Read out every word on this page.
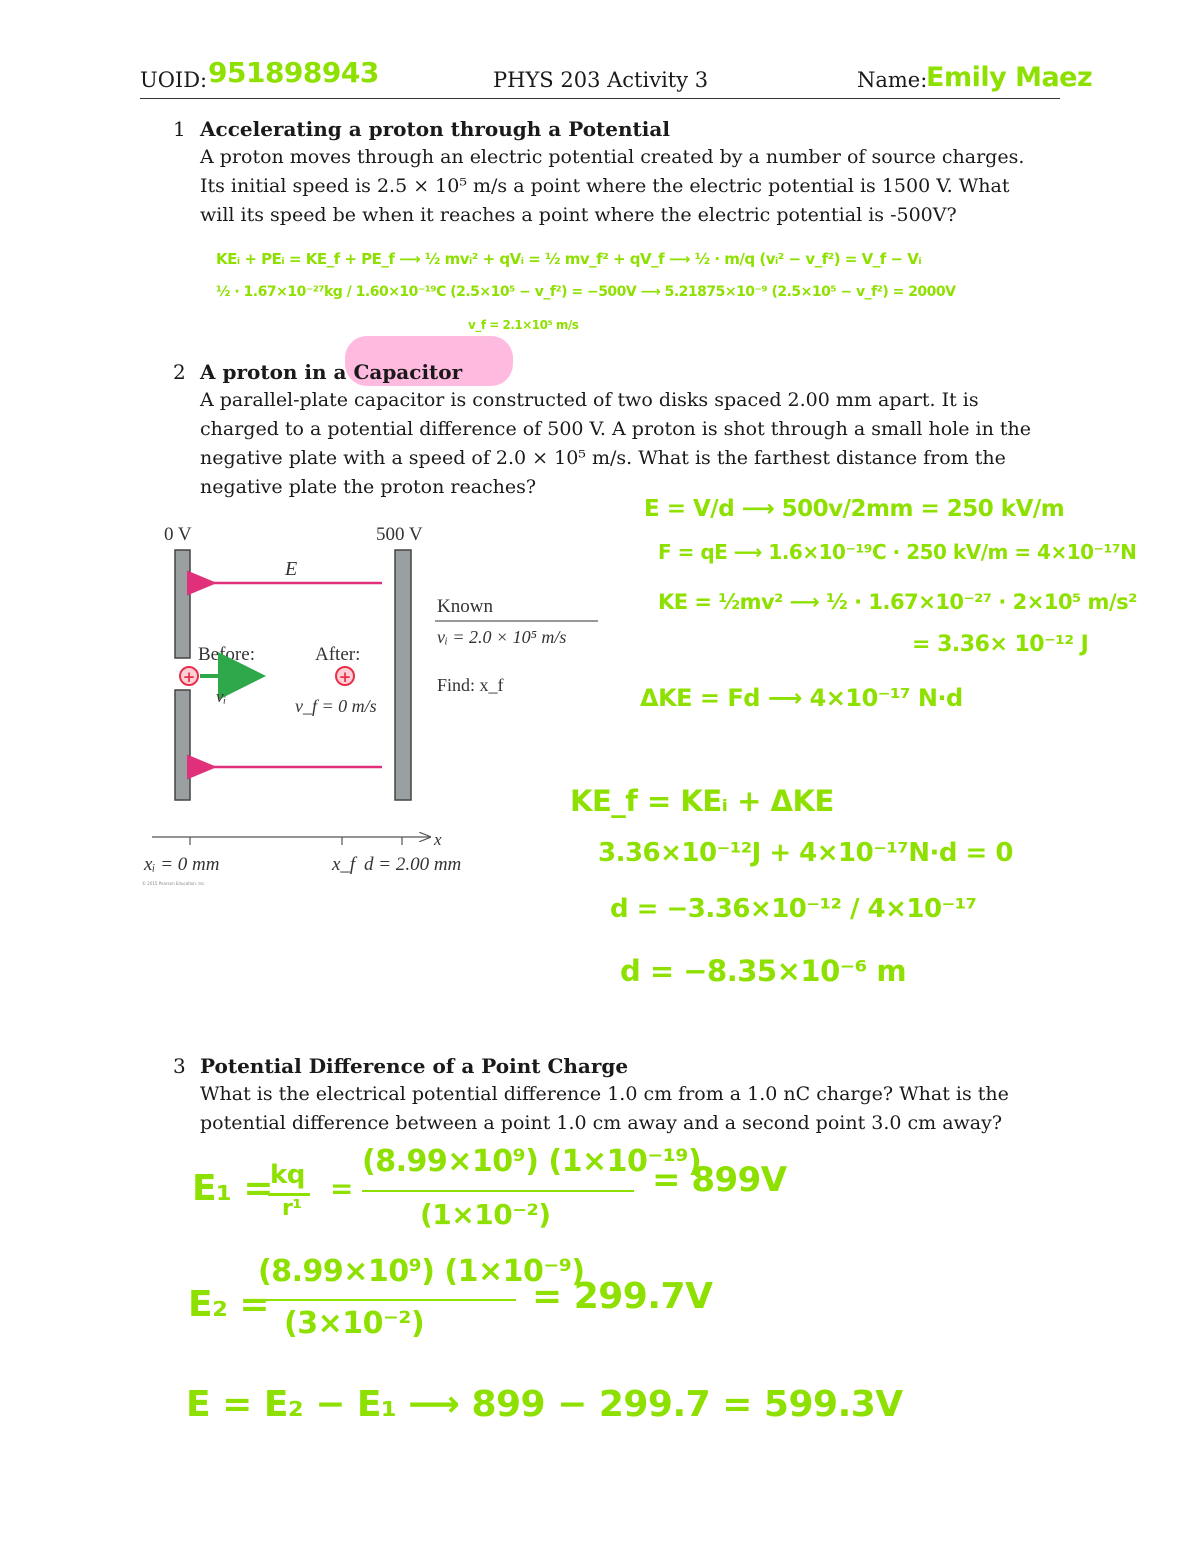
UOID: 951898943	PHYS 203 Activity 3	Name:
Emily Maez
1 Accelerating a proton through a Potential
A proton moves through an electric potential created by a number of source charges.
Its initial speed is 2.5 × 10⁵ m/s a point where the electric potential is 1500 V. What
will its speed be when it reaches a point where the electric potential is -500V?
KEᵢ + PEᵢ = KE_f + PE_f ⟶ ½ mvᵢ² + qVᵢ = ½ mv_f² + qV_f ⟶ ½ · m/q (vᵢ² − v_f²) = V_f − Vᵢ
½ · 1.67×10⁻²⁷kg / 1.60×10⁻¹⁹C (2.5×10⁵ − v_f²) = −500V ⟶ 5.21875×10⁻⁹ (2.5×10⁵ − v_f²) = 2000V
v_f = 2.1×10⁵ m/s
2 A proton in a Capacitor
A parallel-plate capacitor is constructed of two disks spaced 2.00 mm apart. It is
charged to a potential difference of 500 V. A proton is shot through a small hole in the
negative plate with a speed of 2.0 × 10⁵ m/s. What is the farthest distance from the
negative plate the proton reaches?
0 V	500 V
E⃗
Before:
+
vᵢ
After:
+
v_f = 0 m/s
Known
vᵢ = 2.0 × 10⁵ m/s
Find: x_f
x
xᵢ = 0 mm	x_f d = 2.00 mm
© 2015 Pearson Education, Inc.
E = V/d ⟶ 500v/2mm = 250 kV/m
F = qE ⟶ 1.6×10⁻¹⁹C · 250 kV/m = 4×10⁻¹⁷N
KE = ½mv² ⟶ ½ · 1.67×10⁻²⁷ · 2×10⁵ m/s²
= 3.36× 10⁻¹² J
ΔKE = Fd ⟶ 4×10⁻¹⁷ N·d
KE_f = KEᵢ + ΔKE
3.36×10⁻¹²J + 4×10⁻¹⁷N·d = 0
d = −3.36×10⁻¹² / 4×10⁻¹⁷
d = −8.35×10⁻⁶ m
3 Potential Difference of a Point Charge
What is the electrical potential difference 1.0 cm from a 1.0 nC charge? What is the
potential difference between a point 1.0 cm away and a second point 3.0 cm away?
E₁ =
kq
r¹
=
(8.99×10⁹) (1×10⁻¹⁹)
(1×10⁻²)
= 899V
E₂ =
(8.99×10⁹) (1×10⁻⁹)
(3×10⁻²)
= 299.7V
E = E₂ − E₁ ⟶ 899 − 299.7 = 599.3V
